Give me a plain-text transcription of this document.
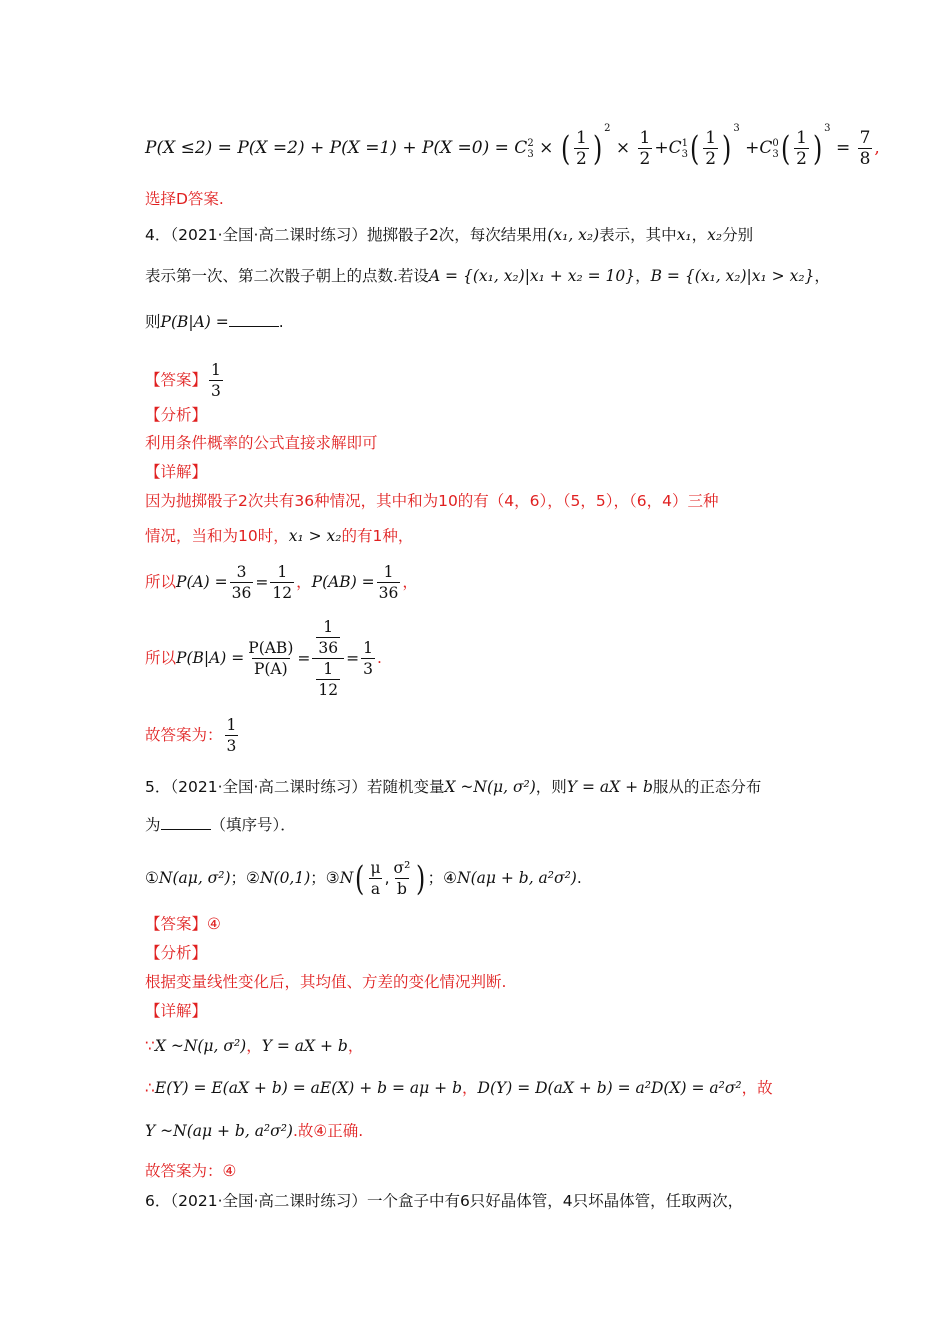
P(X ≤2) = P(X =2) + P(X =1) + P(X =0) = C 2
3 × ( $\frac{1}{2}$ ) $^2 \times \frac{1}{2} +C$ 1
3 ( $\frac{1}{2}$ ) $^3$ +C 0
3 ( $\frac{1}{2}$ ) $^3 = \frac{7}{8}$ ,
选择D答案.
4．（2021·全国·高二课时练习）抛掷骰子2次，每次结果用(x₁, x₂)表示，其中x₁，x₂分别
表示第一次、第二次骰子朝上的点数.若设A = {(x₁, x₂)|x₁ + x₂ = 10}，B = {(x₁, x₂)|x₁ > x₂}，
则P(B|A) =	.
【答案】 $\frac{1}{3}$
【分析】
利用条件概率的公式直接求解即可
【详解】
因为抛掷骰子2次共有36种情况，其中和为10的有（4，6），（5，5），（6，4）三种
情况，当和为10时，x₁ > x₂的有1种，
所以$P(A) = \frac{3}{36} = \frac{1}{12}$ ，$P(AB) = \frac{1}{36}$ ，
所以$P(B|A) = \frac{P(AB)}{P(A)} = \frac{\frac{1}{36}}{\frac{1}{12}} = \frac{1}{3}$ .
故答案为： $\frac{1}{3}$
5．（2021·全国·高二课时练习）若随机变量X ~N(μ, σ²)，则Y = aX + b服从的正态分布
为	（填序号）．
①N(aμ, σ²)；②N(0,1)；③N( $\frac{\mu}{a}$ , $\frac{\text{σ²}}{b}$ ) ；④N(aμ + b, a²σ²).
【答案】④
【分析】
根据变量线性变化后，其均值、方差的变化情况判断.
【详解】
∵X ~N(μ, σ²)，Y = aX + b，
∴E(Y) = E(aX + b) = aE(X) + b = aμ + b，D(Y) = D(aX + b) = a²D(X) = a²σ²，故
Y ~N(aμ + b, a²σ²).故④正确.
故答案为：④
6．（2021·全国·高二课时练习）一个盒子中有6只好晶体管，4只坏晶体管，任取两次，
